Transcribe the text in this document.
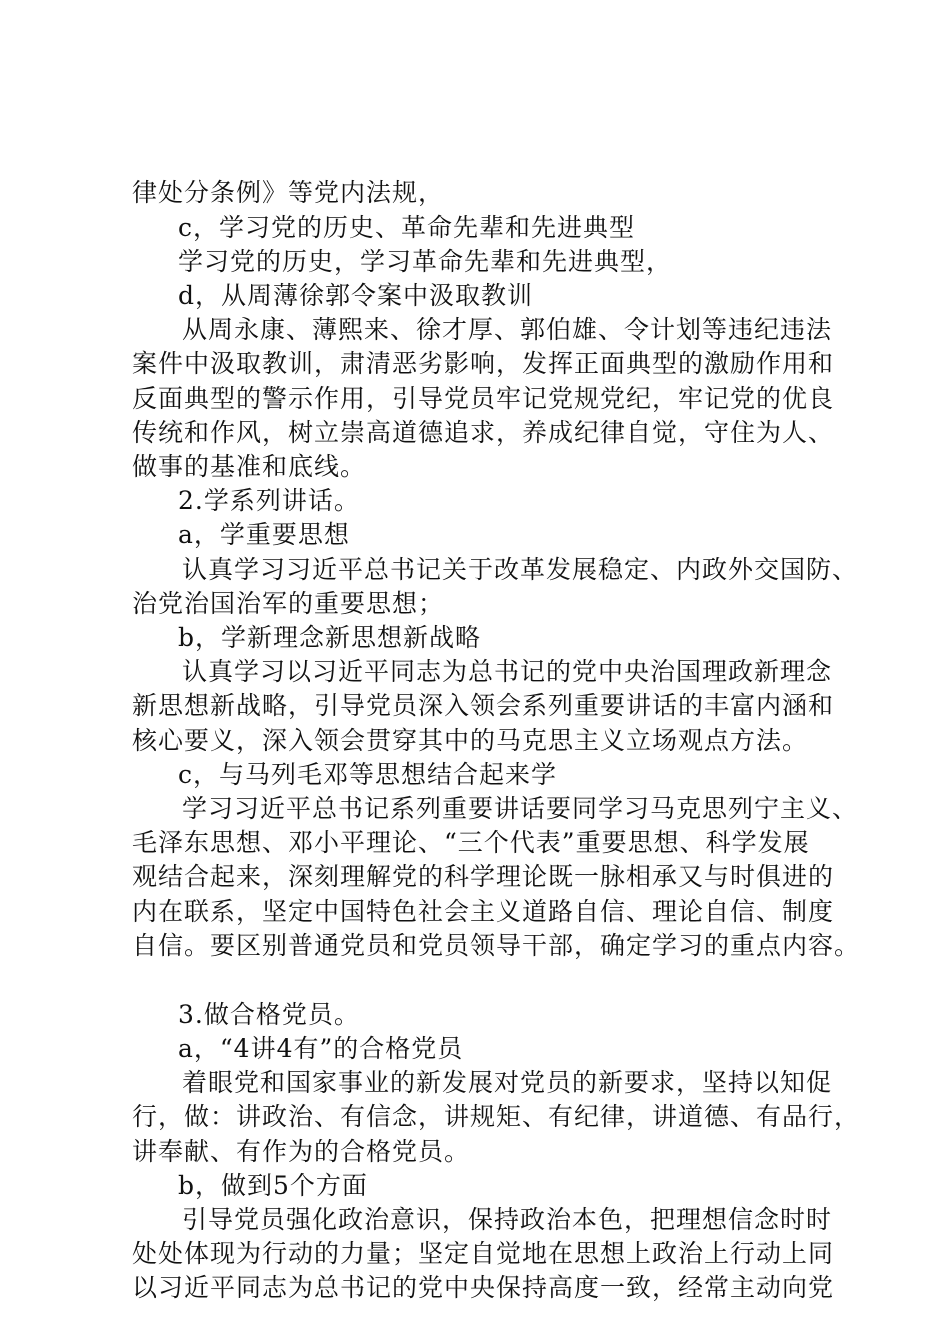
律处分条例》等党内法规，
c，学习党的历史、革命先辈和先进典型
学习党的历史，学习革命先辈和先进典型，
d，从周薄徐郭令案中汲取教训
从周永康、薄熙来、徐才厚、郭伯雄、令计划等违纪违法
案件中汲取教训，肃清恶劣影响，发挥正面典型的激励作用和
反面典型的警示作用，引导党员牢记党规党纪，牢记党的优良
传统和作风，树立崇高道德追求，养成纪律自觉，守住为人、
做事的基准和底线。
2.学系列讲话。
a，学重要思想
认真学习习近平总书记关于改革发展稳定、内政外交国防、
治党治国治军的重要思想；
b，学新理念新思想新战略
认真学习以习近平同志为总书记的党中央治国理政新理念
新思想新战略，引导党员深入领会系列重要讲话的丰富内涵和
核心要义，深入领会贯穿其中的马克思主义立场观点方法。
c，与马列毛邓等思想结合起来学
学习习近平总书记系列重要讲话要同学习马克思列宁主义、
毛泽东思想、邓小平理论、“三个代表”重要思想、科学发展
观结合起来，深刻理解党的科学理论既一脉相承又与时俱进的
内在联系，坚定中国特色社会主义道路自信、理论自信、制度
自信。要区别普通党员和党员领导干部，确定学习的重点内容。
3.做合格党员。
a，“4讲4有”的合格党员
着眼党和国家事业的新发展对党员的新要求，坚持以知促
行，做：讲政治、有信念，讲规矩、有纪律，讲道德、有品行，
讲奉献、有作为的合格党员。
b，做到5个方面
引导党员强化政治意识，保持政治本色，把理想信念时时
处处体现为行动的力量；坚定自觉地在思想上政治上行动上同
以习近平同志为总书记的党中央保持高度一致，经常主动向党
